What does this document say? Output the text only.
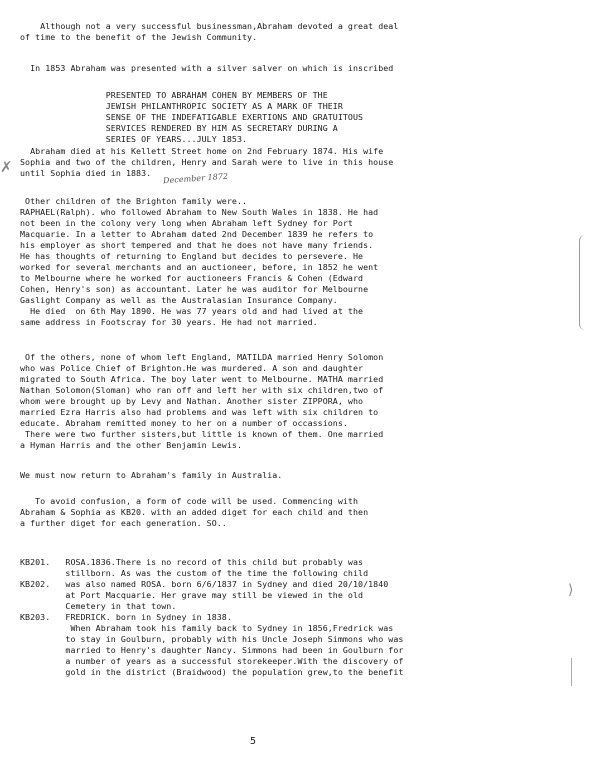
✗
December 1872
⟩
5
Although not a very successful businessman,Abraham devoted a great deal
of time to the benefit of the Jewish Community.
In 1853 Abraham was presented with a silver salver on which is inscribed
PRESENTED TO ABRAHAM COHEN BY MEMBERS OF THE
JEWISH PHILANTHROPIC SOCIETY AS A MARK OF THEIR
SENSE OF THE INDEFATIGABLE EXERTIONS AND GRATUITOUS
SERVICES RENDERED BY HIM AS SECRETARY DURING A
SERIES OF YEARS...JULY 1853.
Abraham died at his Kellett Street home on 2nd February 1874. His wife
Sophia and two of the children, Henry and Sarah were to live in this house
until Sophia died in 1883.
Other children of the Brighton family were..
RAPHAEL(Ralph). who followed Abraham to New South Wales in 1838. He had
not been in the colony very long when Abraham left Sydney for Port
Macquarie. In a letter to Abraham dated 2nd December 1839 he refers to
his employer as short tempered and that he does not have many friends.
He has thoughts of returning to England but decides to persevere. He
worked for several merchants and an auctioneer, before, in 1852 he went
to Melbourne where he worked for auctioneers Francis & Cohen (Edward
Cohen, Henry's son) as accountant. Later he was auditor for Melbourne
Gaslight Company as well as the Australasian Insurance Company.
He died  on 6th May 1890. He was 77 years old and had lived at the
same address in Footscray for 30 years. He had not married.
Of the others, none of whom left England, MATILDA married Henry Solomon
who was Police Chief of Brighton.He was murdered. A son and daughter
migrated to South Africa. The boy later went to Melbourne. MATHA married
Nathan Solomon(Sloman) who ran off and left her with six children,two of
whom were brought up by Levy and Nathan. Another sister ZIPPORA, who
married Ezra Harris also had problems and was left with six children to
educate. Abraham remitted money to her on a number of occassions.
There were two further sisters,but little is known of them. One married
a Hyman Harris and the other Benjamin Lewis.
We must now return to Abraham's family in Australia.
To avoid confusion, a form of code will be used. Commencing with
Abraham & Sophia as KB20. with an added diget for each child and then
a further diget for each generation. SO..
KB201.   ROSA.1836.There is no record of this child but probably was
stillborn. As was the custom of the time the following child
KB202.   was also named ROSA. born 6/6/1837 in Sydney and died 20/10/1840
at Port Macquarie. Her grave may still be viewed in the old
Cemetery in that town.
KB203.   FREDRICK. born in Sydney in 1838.
When Abraham took his family back to Sydney in 1856,Fredrick was
to stay in Goulburn, probably with his Uncle Joseph Simmons who was
married to Henry's daughter Nancy. Simmons had been in Goulburn for
a number of years as a successful storekeeper.With the discovery of
gold in the district (Braidwood) the population grew,to the benefit
